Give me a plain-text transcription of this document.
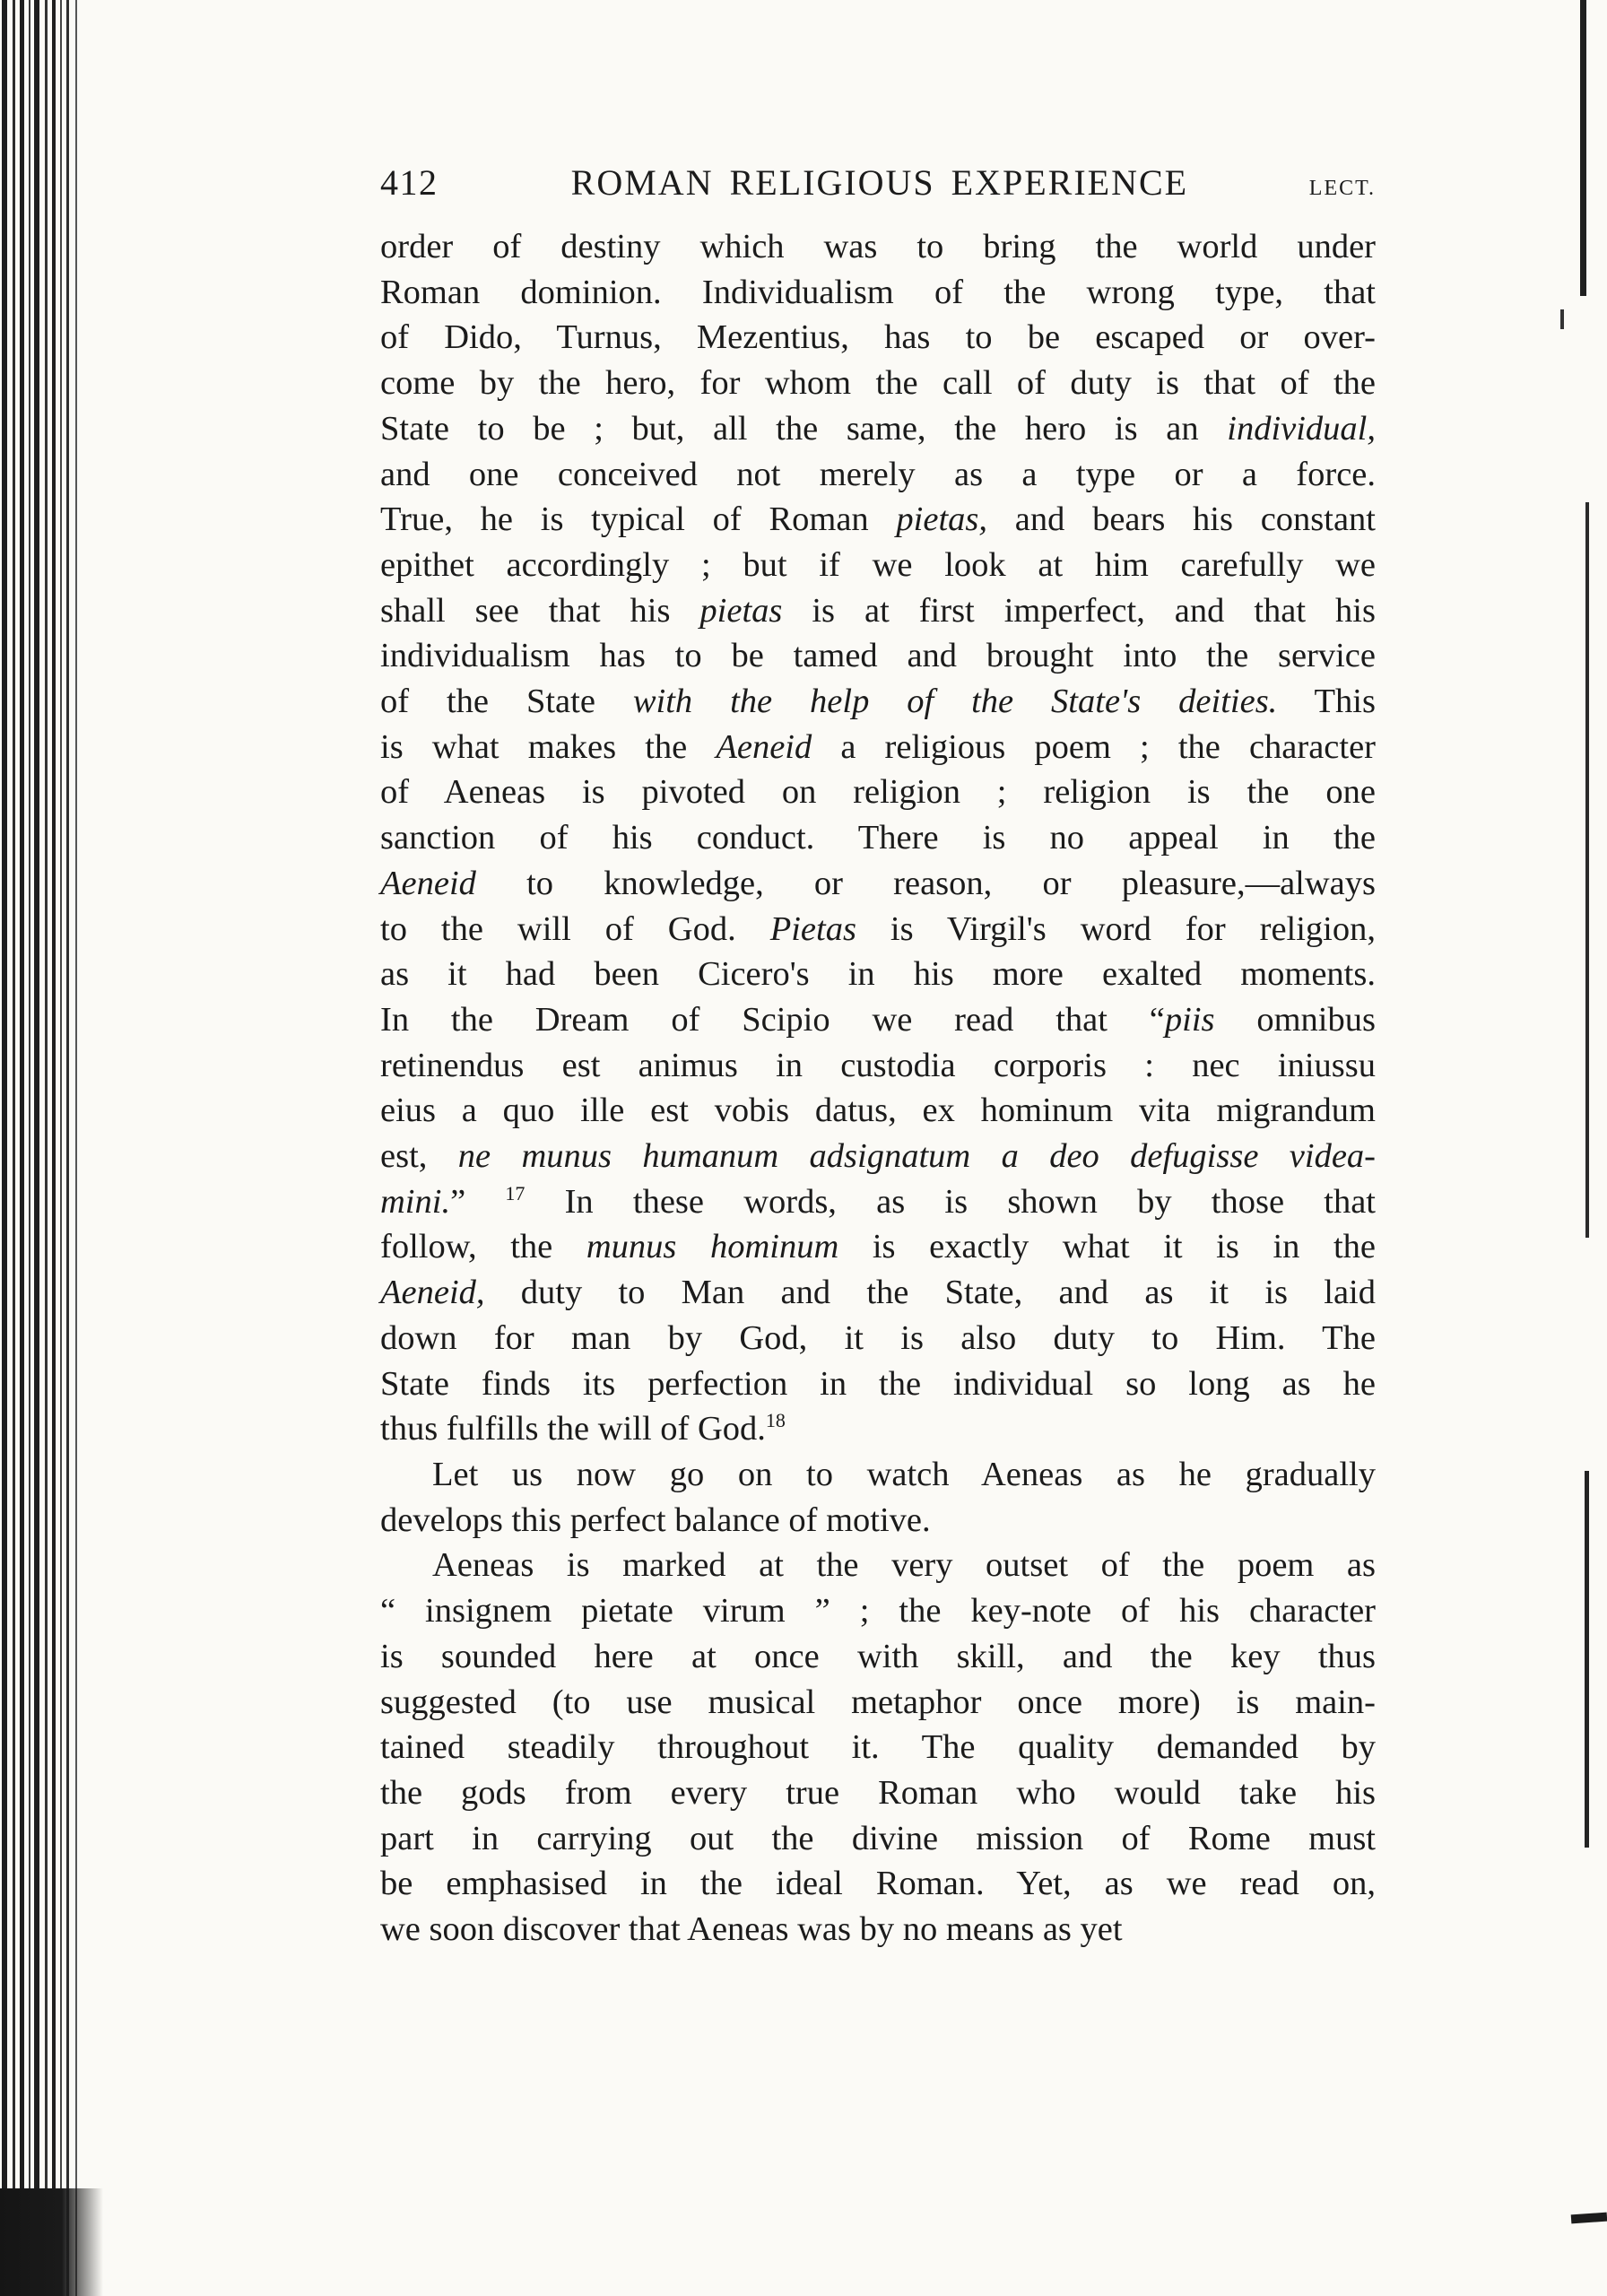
412	ROMAN RELIGIOUS EXPERIENCE	LECT.
order of destiny which was to bring the world under
Roman dominion. Individualism of the wrong type, that
of Dido, Turnus, Mezentius, has to be escaped or over-
come by the hero, for whom the call of duty is that of the
State to be ; but, all the same, the hero is an individual,
and one conceived not merely as a type or a force.
True, he is typical of Roman pietas, and bears his constant
epithet accordingly ; but if we look at him carefully we
shall see that his pietas is at first imperfect, and that his
individualism has to be tamed and brought into the service
of the State with the help of the State's deities. This
is what makes the Aeneid a religious poem ; the character
of Aeneas is pivoted on religion ; religion is the one
sanction of his conduct. There is no appeal in the
Aeneid to knowledge, or reason, or pleasure,—always
to the will of God. Pietas is Virgil's word for religion,
as it had been Cicero's in his more exalted moments.
In the Dream of Scipio we read that “piis omnibus
retinendus est animus in custodia corporis : nec iniussu
eius a quo ille est vobis datus, ex hominum vita migrandum
est, ne munus humanum adsignatum a deo defugisse videa-
mini.” $^{17}$ In these words, as is shown by those that
follow, the munus hominum is exactly what it is in the
Aeneid, duty to Man and the State, and as it is laid
down for man by God, it is also duty to Him. The
State finds its perfection in the individual so long as he
thus fulfills the will of God.$^{18}$
Let us now go on to watch Aeneas as he gradually
develops this perfect balance of motive.
Aeneas is marked at the very outset of the poem as
“ insignem pietate virum ” ; the key-note of his character
is sounded here at once with skill, and the key thus
suggested (to use musical metaphor once more) is main-
tained steadily throughout it. The quality demanded by
the gods from every true Roman who would take his
part in carrying out the divine mission of Rome must
be emphasised in the ideal Roman. Yet, as we read on,
we soon discover that Aeneas was by no means as yet
